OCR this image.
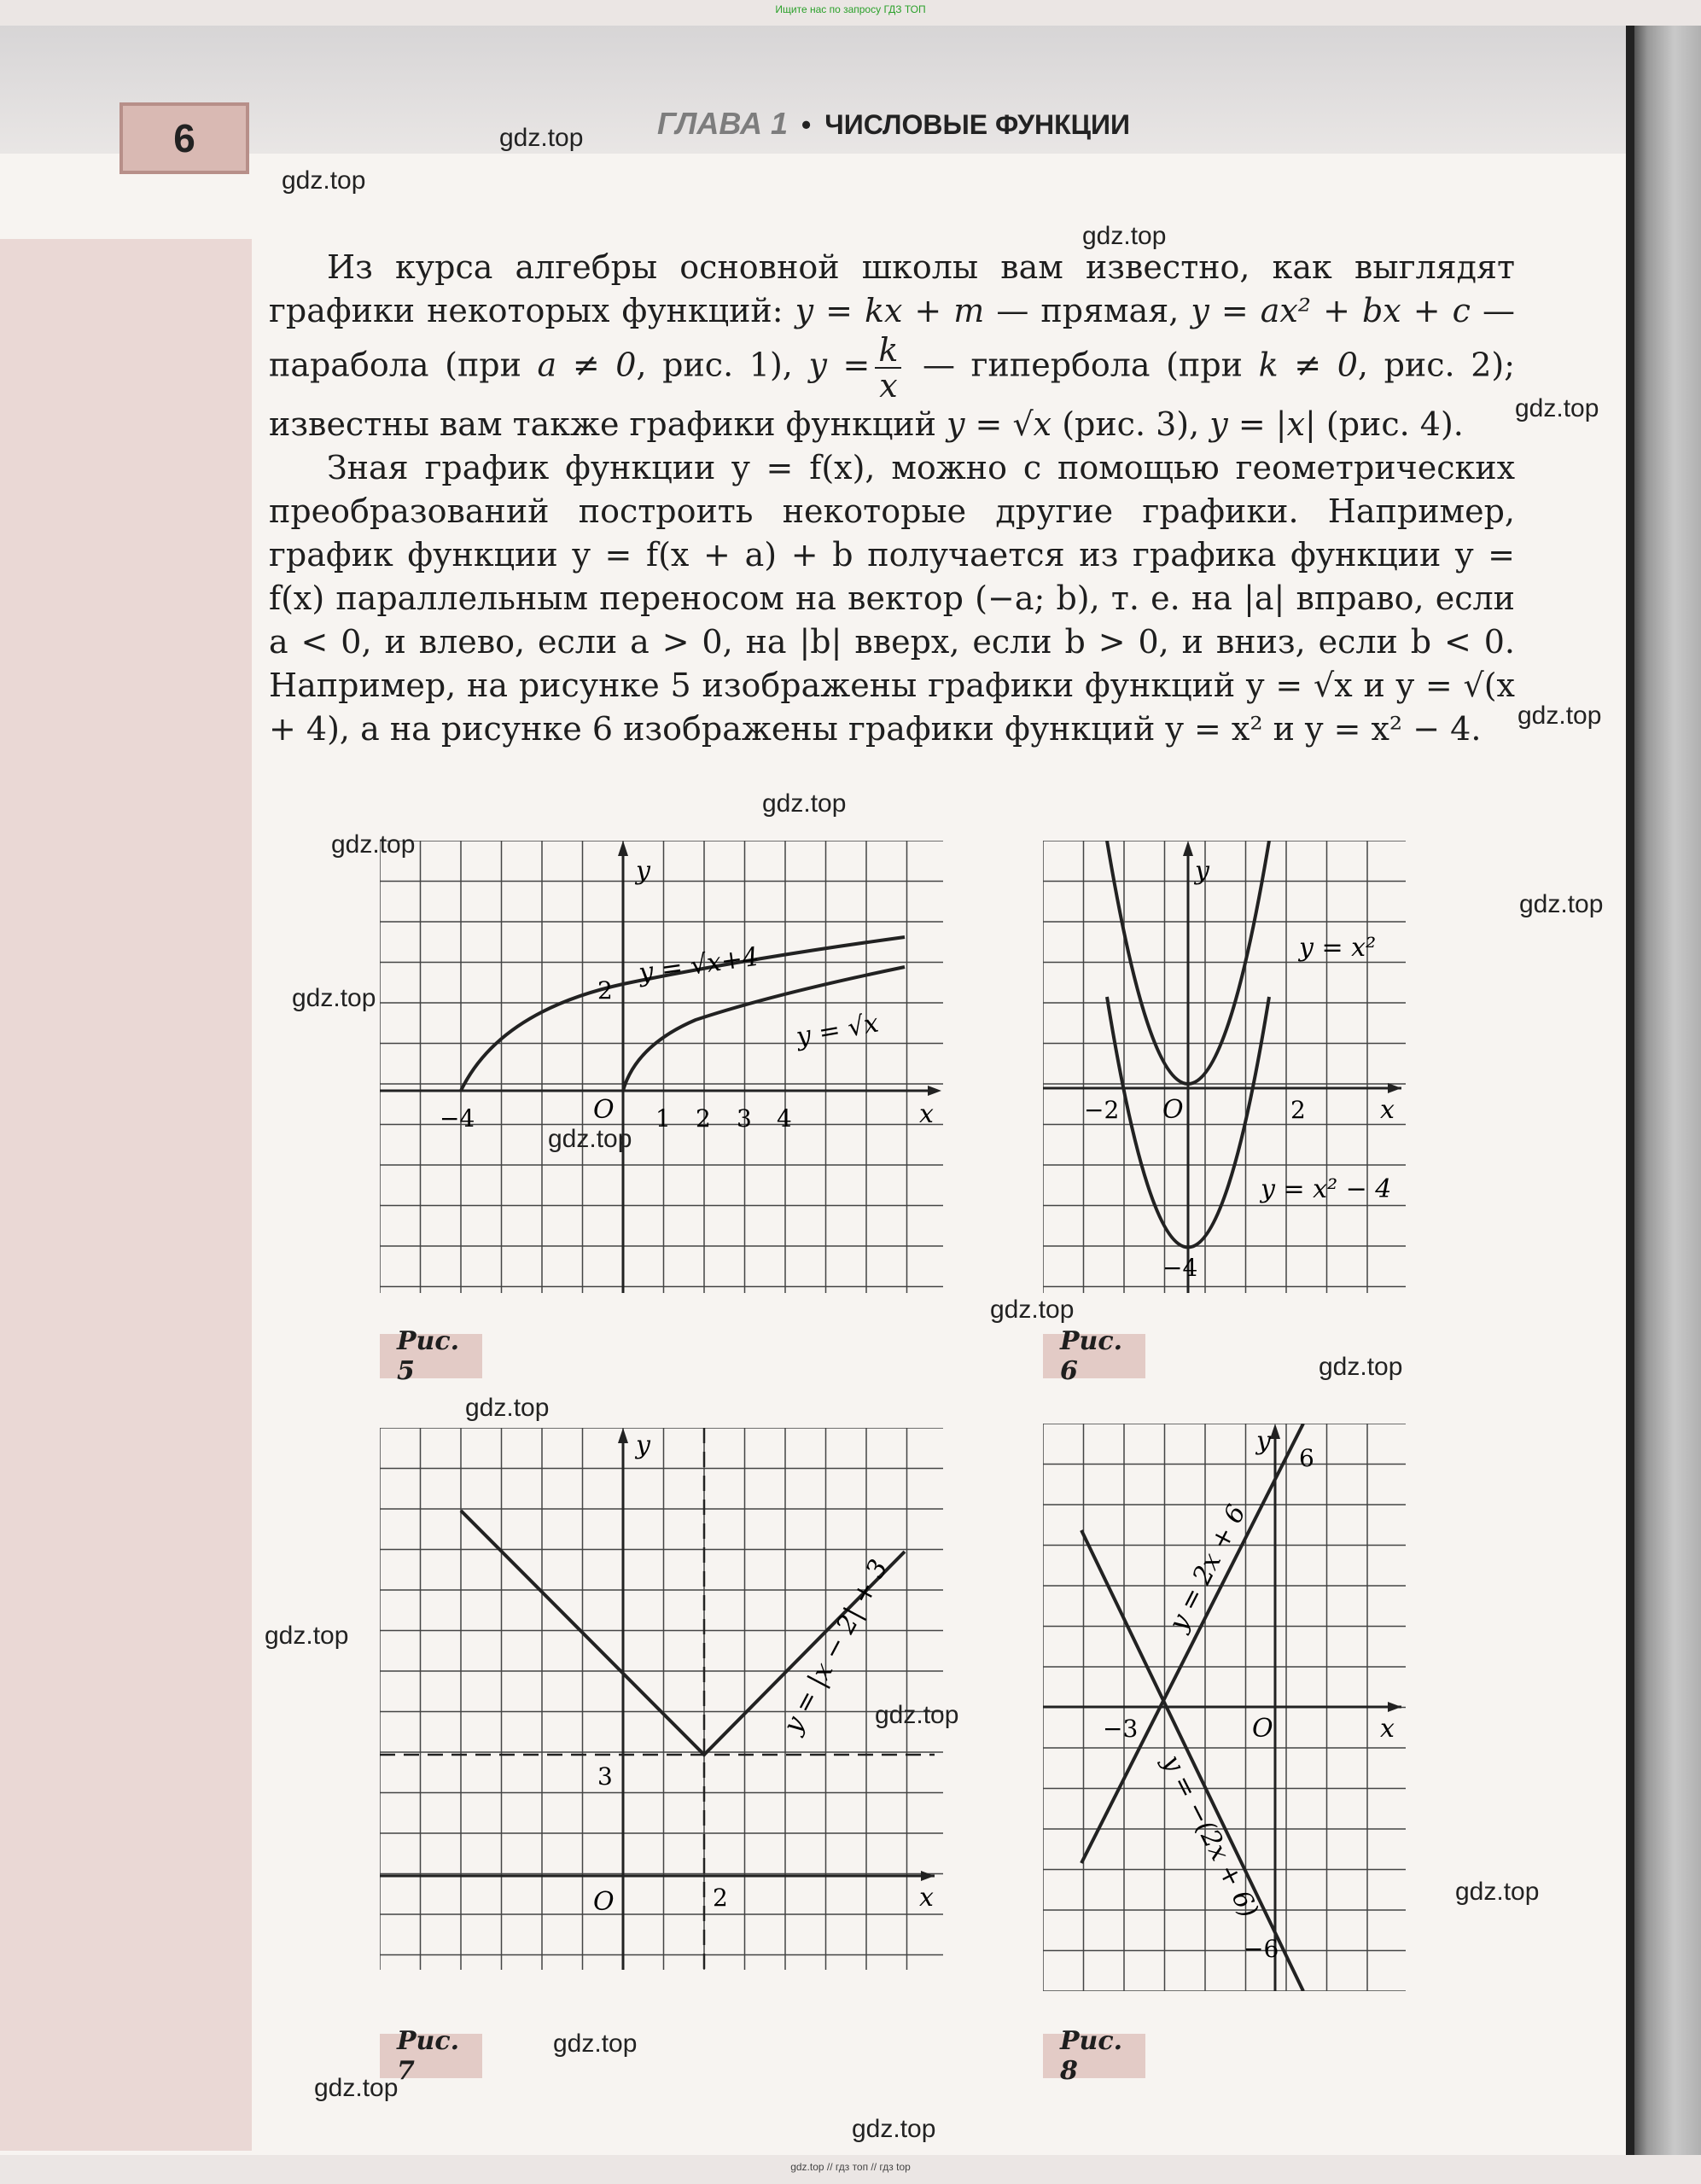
Ищите нас по запросу ГДЗ ТОП
gdz.top // гдз топ // гдз top
6	ГЛАВА 1 • ЧИСЛОВЫЕ ФУНКЦИИ

Из курса алгебры основной школы вам известно, как выглядят графики некоторых функций: y = kx + m — прямая, y = ax² + bx + c — парабола (при a ≠ 0, рис. 1), $y = \frac{k}{x}$ — гипербола (при k ≠ 0, рис. 2); известны вам также графики функций y = √x (рис. 3), y = |x| (рис. 4).

Зная график функции y = f(x), можно с помощью геометрических преобразований построить некоторые другие графики. Например, график функции y = f(x + a) + b получается из графика функции y = f(x) параллельным переносом на вектор (−a; b), т. е. на |a| вправо, если a < 0, и влево, если a > 0, на |b| вверх, если b > 0, и вниз, если b < 0. Например, на рисунке 5 изображены графики функций y = √x и y = √(x + 4), а на рисунке 6 изображены графики функций y = x² и y = x² − 4.

y
x
O
−4	1 2 3 4
2
y = √x+4
y = √x
Рис. 5
y
x
O
−2	2
−4
y = x²
y = x² − 4
Рис. 6
y
x
O	2
3
y = |x − 2| + 3
Рис. 7
y
x
O
6
−3
−6
y = 2x + 6
y = −(2x + 6)
Рис. 8
gdz.top
gdz.top
gdz.top
gdz.top
gdz.top
gdz.top
gdz.top
gdz.top
gdz.top
gdz.top
gdz.top
gdz.top
gdz.top
gdz.top
gdz.top
gdz.top
gdz.top
gdz.top
gdz.top
